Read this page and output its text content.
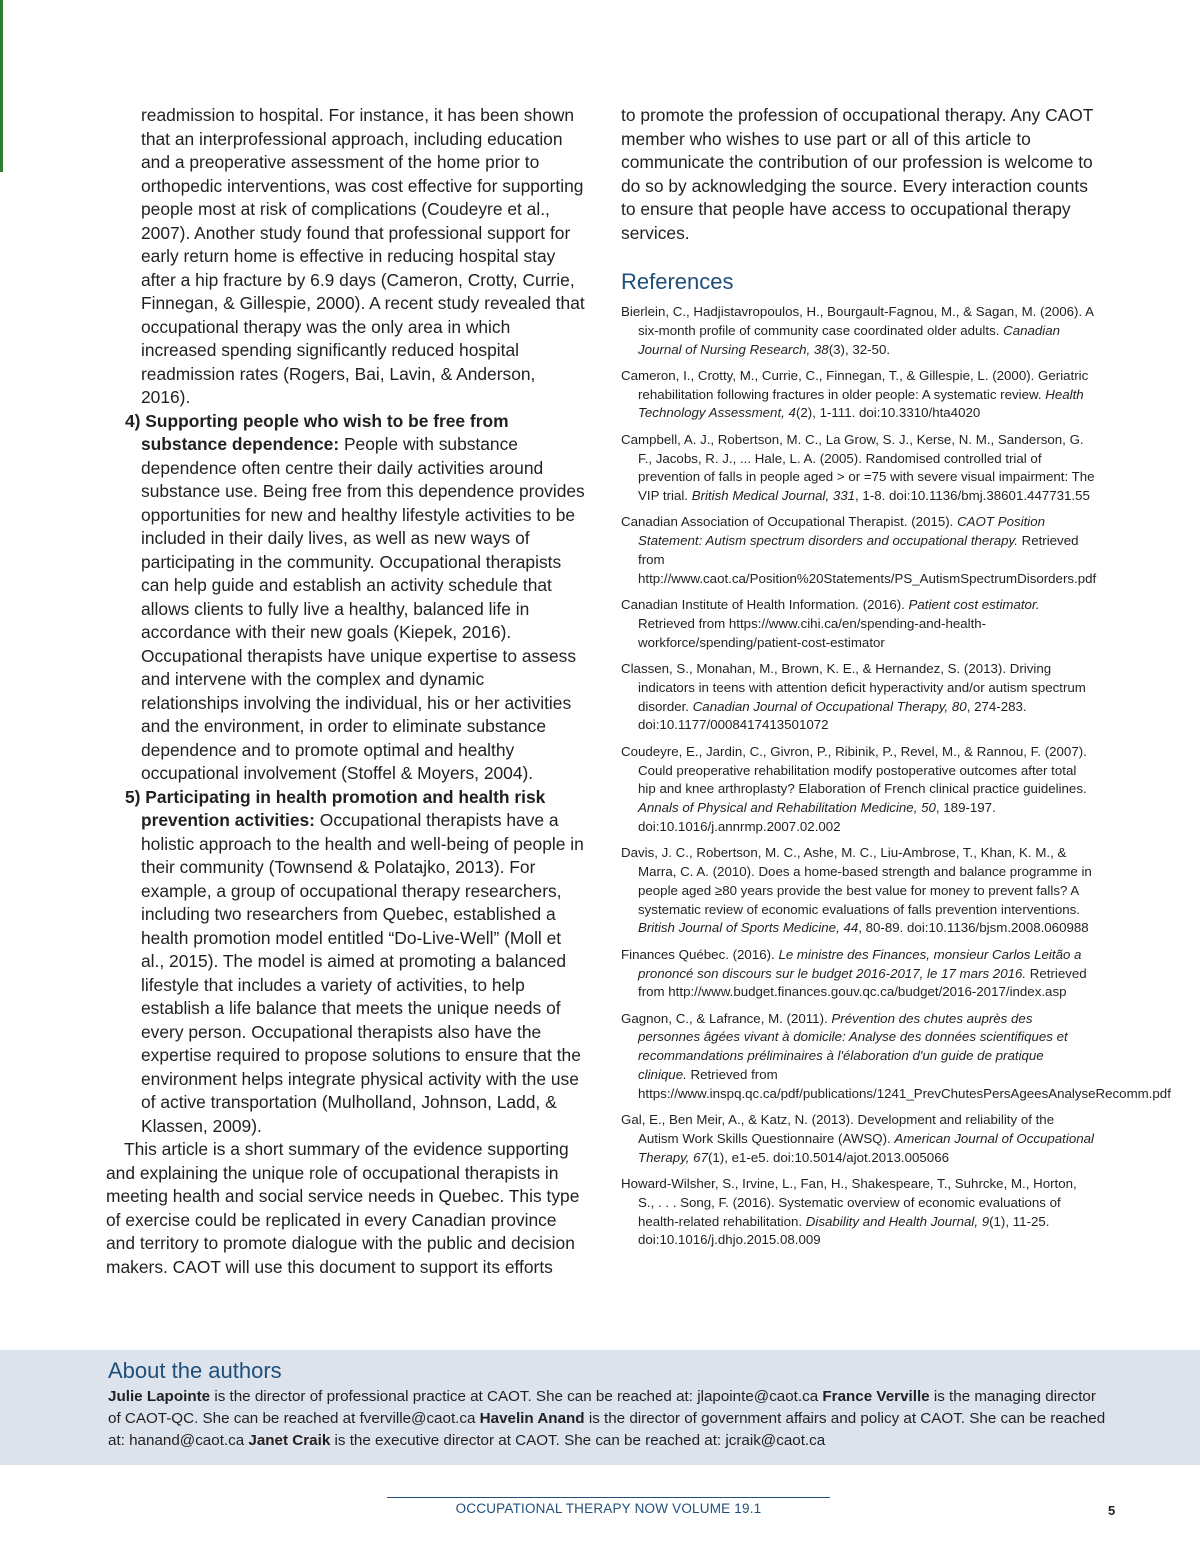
readmission to hospital. For instance, it has been shown that an interprofessional approach, including education and a preoperative assessment of the home prior to orthopedic interventions, was cost effective for supporting people most at risk of complications (Coudeyre et al., 2007). Another study found that professional support for early return home is effective in reducing hospital stay after a hip fracture by 6.9 days (Cameron, Crotty, Currie, Finnegan, & Gillespie, 2000). A recent study revealed that occupational therapy was the only area in which increased spending significantly reduced hospital readmission rates (Rogers, Bai, Lavin, & Anderson, 2016).

4) Supporting people who wish to be free from substance dependence: People with substance dependence often centre their daily activities around substance use. Being free from this dependence provides opportunities for new and healthy lifestyle activities to be included in their daily lives, as well as new ways of participating in the community. Occupational therapists can help guide and establish an activity schedule that allows clients to fully live a healthy, balanced life in accordance with their new goals (Kiepek, 2016). Occupational therapists have unique expertise to assess and intervene with the complex and dynamic relationships involving the individual, his or her activities and the environment, in order to eliminate substance dependence and to promote optimal and healthy occupational involvement (Stoffel & Moyers, 2004).

5) Participating in health promotion and health risk prevention activities: Occupational therapists have a holistic approach to the health and well-being of people in their community (Townsend & Polatajko, 2013). For example, a group of occupational therapy researchers, including two researchers from Quebec, established a health promotion model entitled “Do-Live-Well” (Moll et al., 2015). The model is aimed at promoting a balanced lifestyle that includes a variety of activities, to help establish a life balance that meets the unique needs of every person. Occupational therapists also have the expertise required to propose solutions to ensure that the environment helps integrate physical activity with the use of active transportation (Mulholland, Johnson, Ladd, & Klassen, 2009).

This article is a short summary of the evidence supporting and explaining the unique role of occupational therapists in meeting health and social service needs in Quebec. This type of exercise could be replicated in every Canadian province and territory to promote dialogue with the public and decision makers. CAOT will use this document to support its efforts

to promote the profession of occupational therapy. Any CAOT member who wishes to use part or all of this article to communicate the contribution of our profession is welcome to do so by acknowledging the source. Every interaction counts to ensure that people have access to occupational therapy services.

References
Bierlein, C., Hadjistavropoulos, H., Bourgault-Fagnou, M., & Sagan, M. (2006). A six-month profile of community case coordinated older adults. Canadian Journal of Nursing Research, 38(3), 32-50.
Cameron, I., Crotty, M., Currie, C., Finnegan, T., & Gillespie, L. (2000). Geriatric rehabilitation following fractures in older people: A systematic review. Health Technology Assessment, 4(2), 1-111. doi:10.3310/hta4020
Campbell, A. J., Robertson, M. C., La Grow, S. J., Kerse, N. M., Sanderson, G. F., Jacobs, R. J., ... Hale, L. A. (2005). Randomised controlled trial of prevention of falls in people aged > or =75 with severe visual impairment: The VIP trial. British Medical Journal, 331, 1-8. doi:10.1136/bmj.38601.447731.55
Canadian Association of Occupational Therapist. (2015). CAOT Position Statement: Autism spectrum disorders and occupational therapy. Retrieved from http://www.caot.ca/Position%20Statements/PS_AutismSpectrumDisorders.pdf
Canadian Institute of Health Information. (2016). Patient cost estimator. Retrieved from https://www.cihi.ca/en/spending-and-health-workforce/spending/patient-cost-estimator
Classen, S., Monahan, M., Brown, K. E., & Hernandez, S. (2013). Driving indicators in teens with attention deficit hyperactivity and/or autism spectrum disorder. Canadian Journal of Occupational Therapy, 80, 274-283. doi:10.1177/0008417413501072
Coudeyre, E., Jardin, C., Givron, P., Ribinik, P., Revel, M., & Rannou, F. (2007). Could preoperative rehabilitation modify postoperative outcomes after total hip and knee arthroplasty? Elaboration of French clinical practice guidelines. Annals of Physical and Rehabilitation Medicine, 50, 189-197. doi:10.1016/j.annrmp.2007.02.002
Davis, J. C., Robertson, M. C., Ashe, M. C., Liu-Ambrose, T., Khan, K. M., & Marra, C. A. (2010). Does a home-based strength and balance programme in people aged ≥80 years provide the best value for money to prevent falls? A systematic review of economic evaluations of falls prevention interventions. British Journal of Sports Medicine, 44, 80-89. doi:10.1136/bjsm.2008.060988
Finances Québec. (2016). Le ministre des Finances, monsieur Carlos Leitão a prononcé son discours sur le budget 2016-2017, le 17 mars 2016. Retrieved from http://www.budget.finances.gouv.qc.ca/budget/2016-2017/index.asp
Gagnon, C., & Lafrance, M. (2011). Prévention des chutes auprès des personnes âgées vivant à domicile: Analyse des données scientifiques et recommandations préliminaires à l'élaboration d'un guide de pratique clinique. Retrieved from https://www.inspq.qc.ca/pdf/publications/1241_PrevChutesPersAgeesAnalyseRecomm.pdf
Gal, E., Ben Meir, A., & Katz, N. (2013). Development and reliability of the Autism Work Skills Questionnaire (AWSQ). American Journal of Occupational Therapy, 67(1), e1-e5. doi:10.5014/ajot.2013.005066
Howard-Wilsher, S., Irvine, L., Fan, H., Shakespeare, T., Suhrcke, M., Horton, S., . . . Song, F. (2016). Systematic overview of economic evaluations of health-related rehabilitation. Disability and Health Journal, 9(1), 11-25. doi:10.1016/j.dhjo.2015.08.009
About the authors

Julie Lapointe is the director of professional practice at CAOT. She can be reached at: jlapointe@caot.ca France Verville is the managing director of CAOT-QC. She can be reached at fverville@caot.ca Havelin Anand is the director of government affairs and policy at CAOT. She can be reached at: hanand@caot.ca Janet Craik is the executive director at CAOT. She can be reached at: jcraik@caot.ca

OCCUPATIONAL THERAPY NOW VOLUME 19.1	5
